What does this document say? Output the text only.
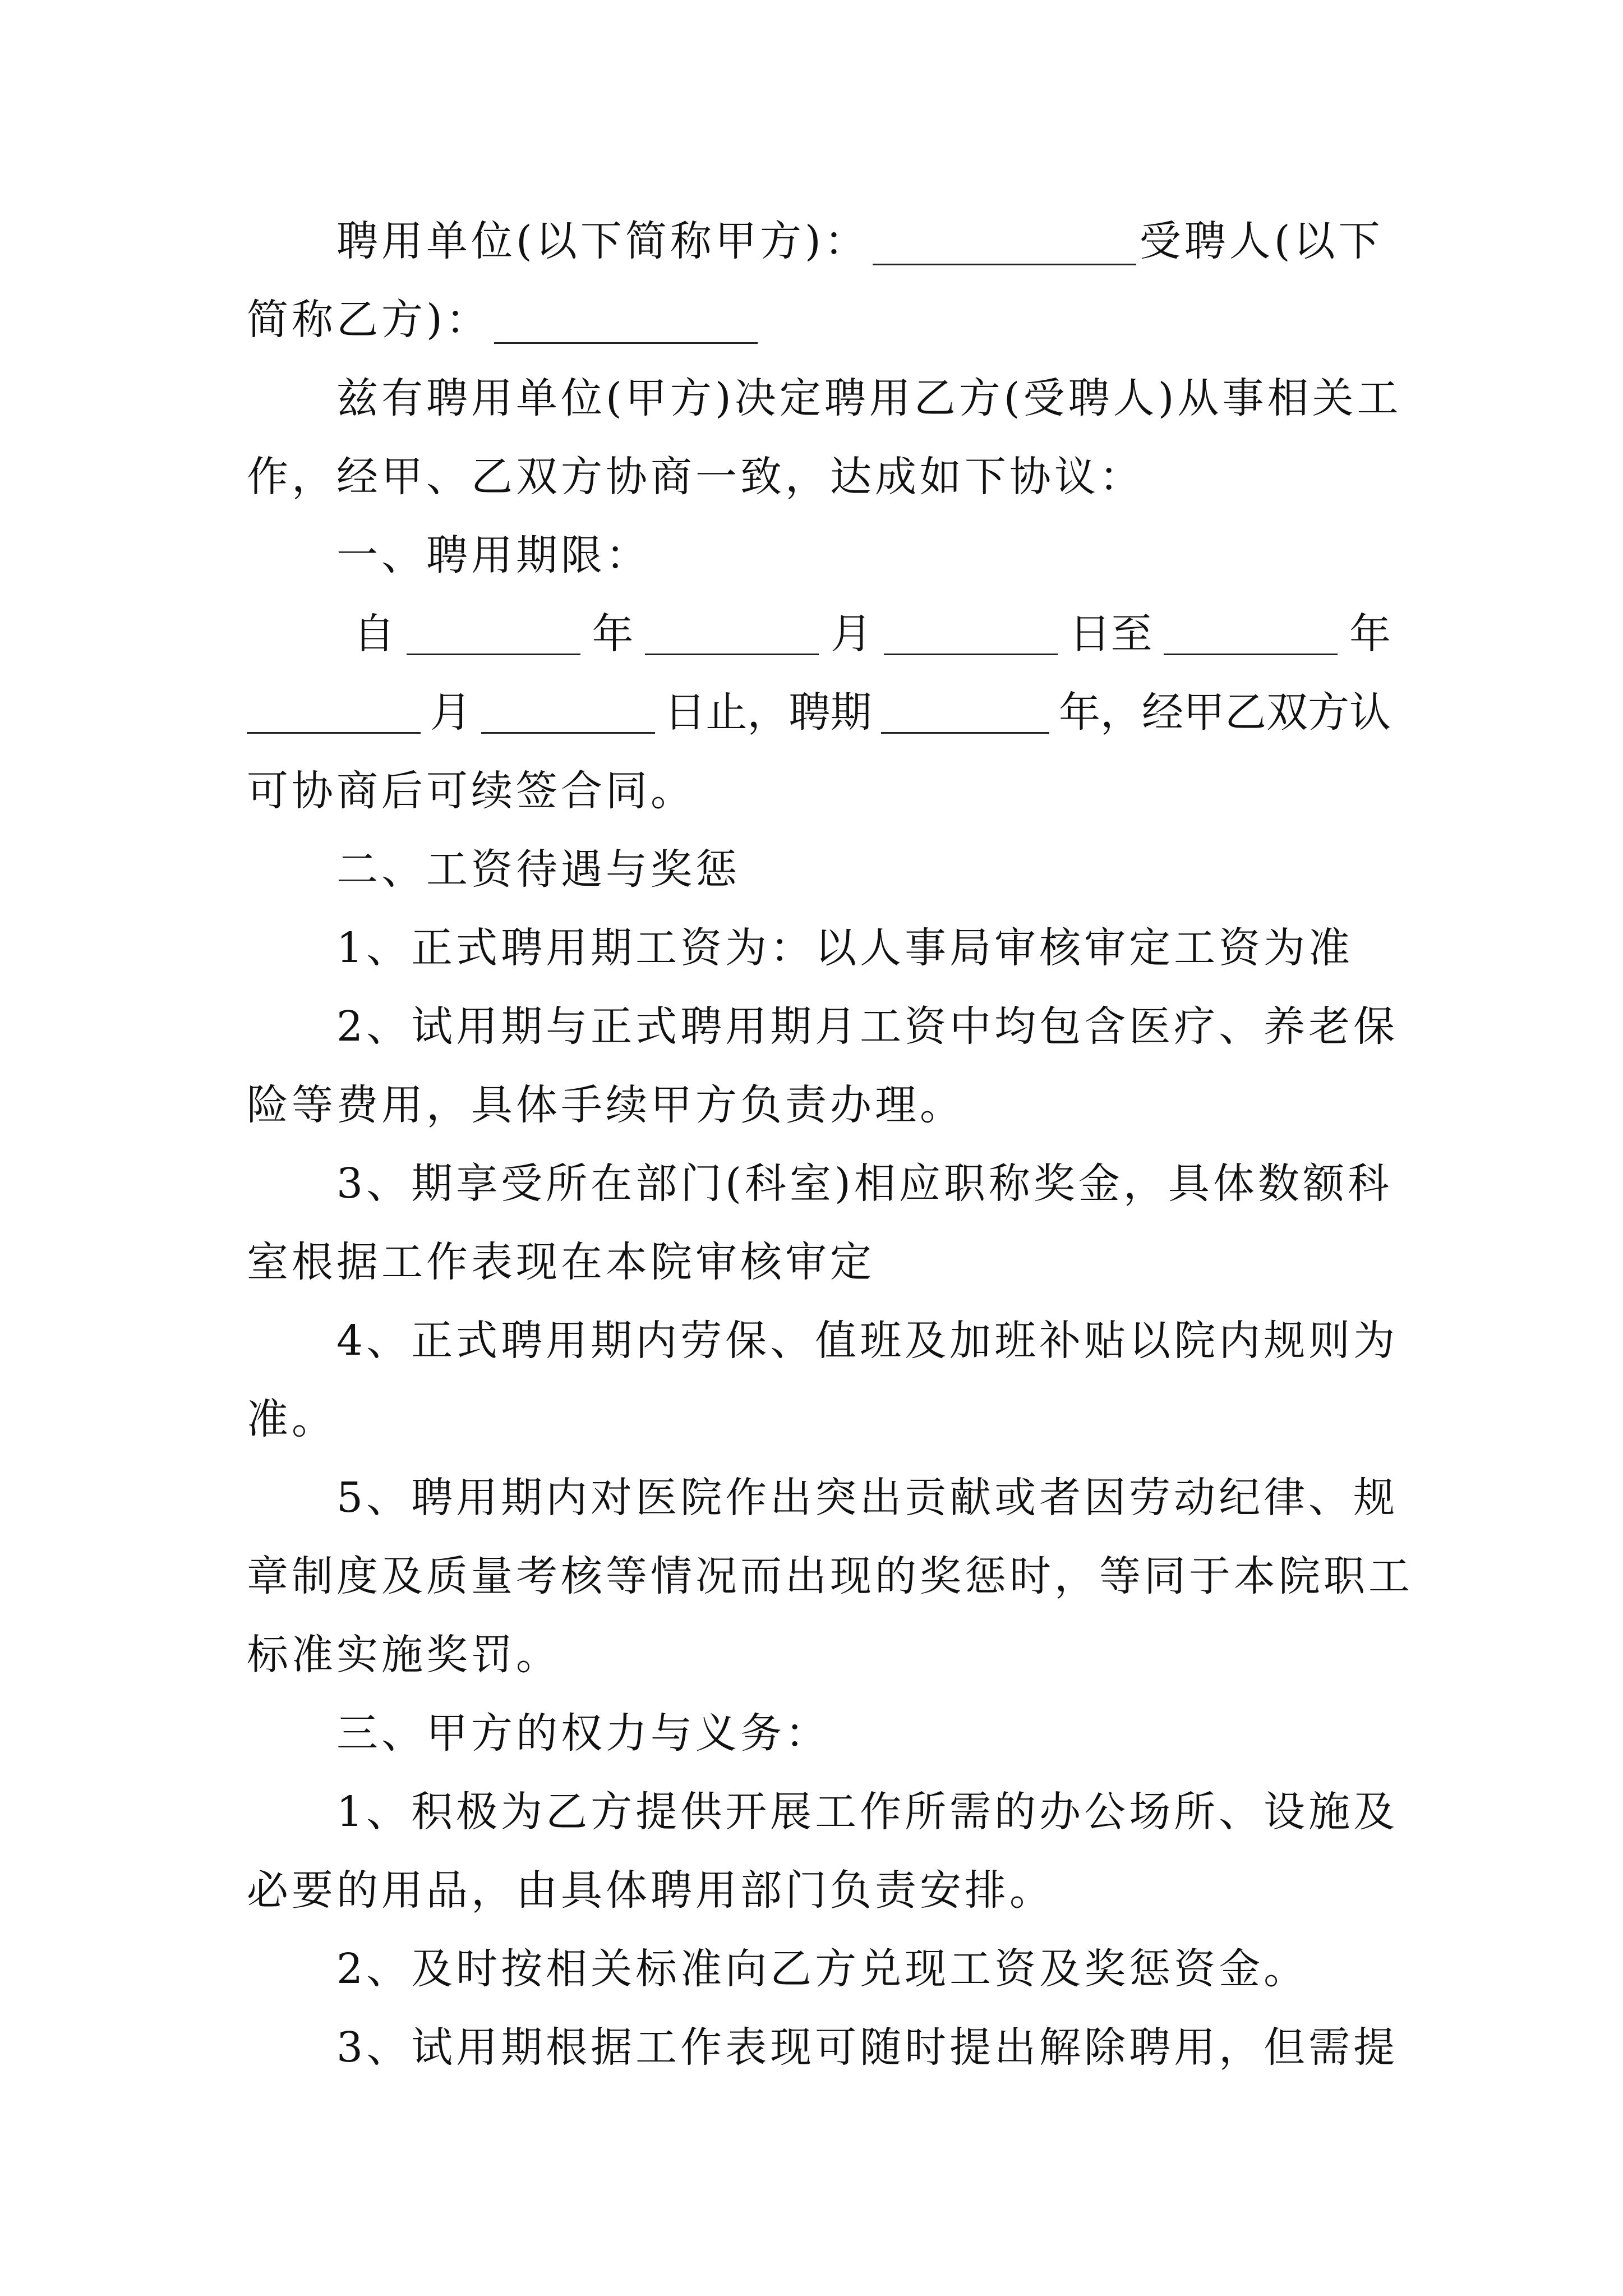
聘用单位(以下简称甲方)：	受聘人(以下
简称乙方)：
兹有聘用单位(甲方)决定聘用乙方(受聘人)从事相关工
作，经甲、乙双方协商一致，达成如下协议：
一、聘用期限：
自	年	月	日至	年
月	日止，聘期	年，经甲乙双方认
可协商后可续签合同。
二、工资待遇与奖惩
1、正式聘用期工资为：以人事局审核审定工资为准
2、试用期与正式聘用期月工资中均包含医疗、养老保
险等费用，具体手续甲方负责办理。
3、期享受所在部门(科室)相应职称奖金，具体数额科
室根据工作表现在本院审核审定
4、正式聘用期内劳保、值班及加班补贴以院内规则为
准。
5、聘用期内对医院作出突出贡献或者因劳动纪律、规
章制度及质量考核等情况而出现的奖惩时，等同于本院职工
标准实施奖罚。
三、甲方的权力与义务：
1、积极为乙方提供开展工作所需的办公场所、设施及
必要的用品，由具体聘用部门负责安排。
2、及时按相关标准向乙方兑现工资及奖惩资金。
3、试用期根据工作表现可随时提出解除聘用，但需提
